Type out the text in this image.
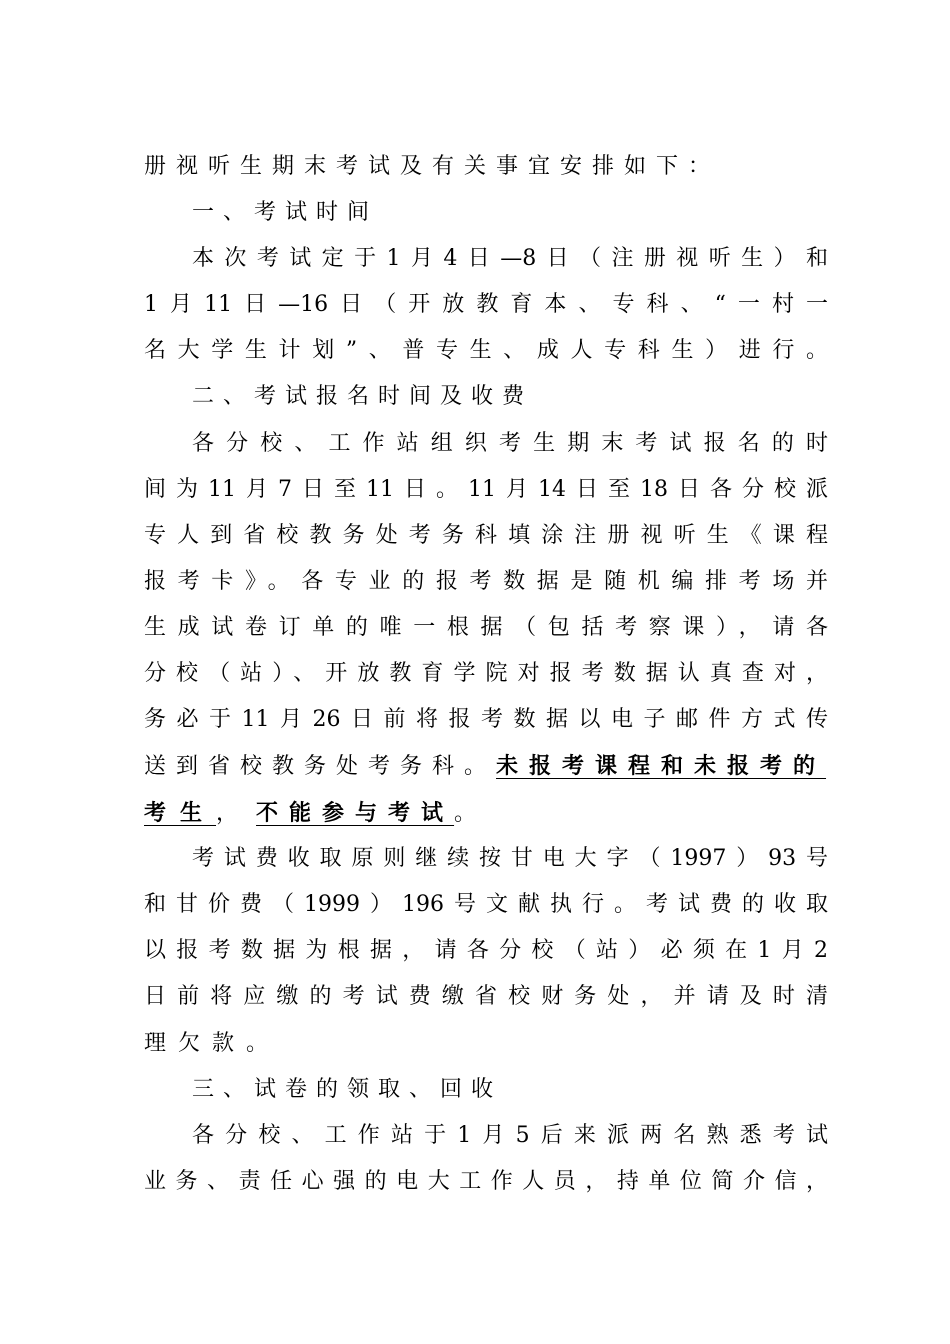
册视听生期末考试及有关事宜安排如下：
一、考试时间
本次考试定于1月4日—8日（注册视听生）和
1月11日—16日（开放教育本、专科、“一村一
名大学生计划”、普专生、成人专科生）进行。
二、考试报名时间及收费
各分校、工作站组织考生期末考试报名的时
间为11月7日至11日。11月14日至18日各分校派
专人到省校教务处考务科填涂注册视听生《课程
报考卡》。各专业的报考数据是随机编排考场并
生成试卷订单的唯一根据（包括考察课），请各
分校（站）、开放教育学院对报考数据认真查对，
务必于11月26日前将报考数据以电子邮件方式传
送到省校教务处考务科。未报考课程和未报考的
考生， 不能参与考试。
考试费收取原则继续按甘电大字（1997）93号
和甘价费（1999）196号文献执行。考试费的收取
以报考数据为根据，请各分校（站）必须在1月2
日前将应缴的考试费缴省校财务处，并请及时清
理欠款。
三、试卷的领取、回收
各分校、工作站于1月5后来派两名熟悉考试
业务、责任心强的电大工作人员，持单位简介信，
